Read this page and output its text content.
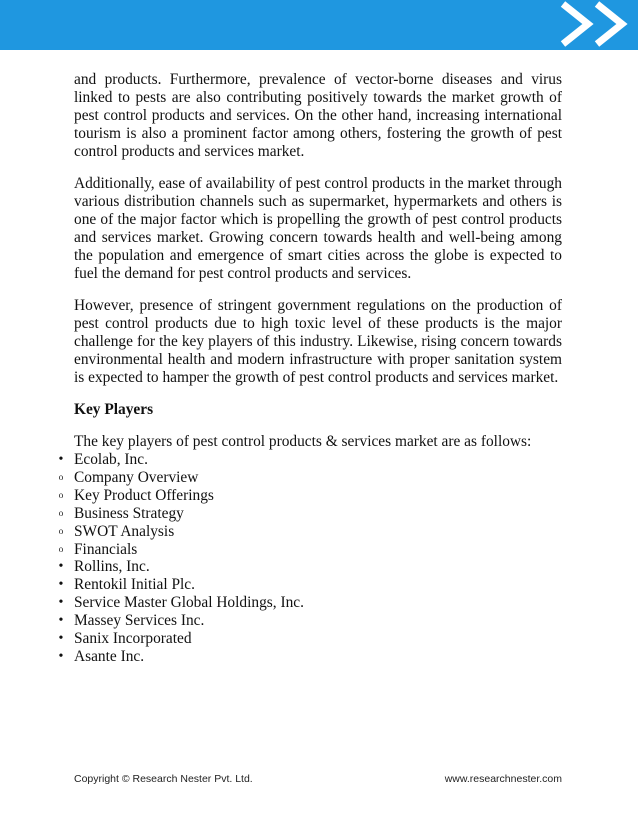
and products. Furthermore, prevalence of vector-borne diseases and virus linked to pests are also contributing positively towards the market growth of pest control products and services. On the other hand, increasing international tourism is also a prominent factor among others, fostering the growth of pest control products and services market.

Additionally, ease of availability of pest control products in the market through various distribution channels such as supermarket, hypermarkets and others is one of the major factor which is propelling the growth of pest control products and services market. Growing concern towards health and well-being among the population and emergence of smart cities across the globe is expected to fuel the demand for pest control products and services.

However, presence of stringent government regulations on the production of pest control products due to high toxic level of these products is the major challenge for the key players of this industry. Likewise, rising concern towards environmental health and modern infrastructure with proper sanitation system is expected to hamper the growth of pest control products and services market.

Key Players
The key players of pest control products & services market are as follows:
• Ecolab, Inc.
o Company Overview
o Key Product Offerings
o Business Strategy
o SWOT Analysis
o Financials
• Rollins, Inc.
• Rentokil Initial Plc.
• Service Master Global Holdings, Inc.
• Massey Services Inc.
• Sanix Incorporated
• Asante Inc.
Copyright © Research Nester Pvt. Ltd.	www.researchnester.com
